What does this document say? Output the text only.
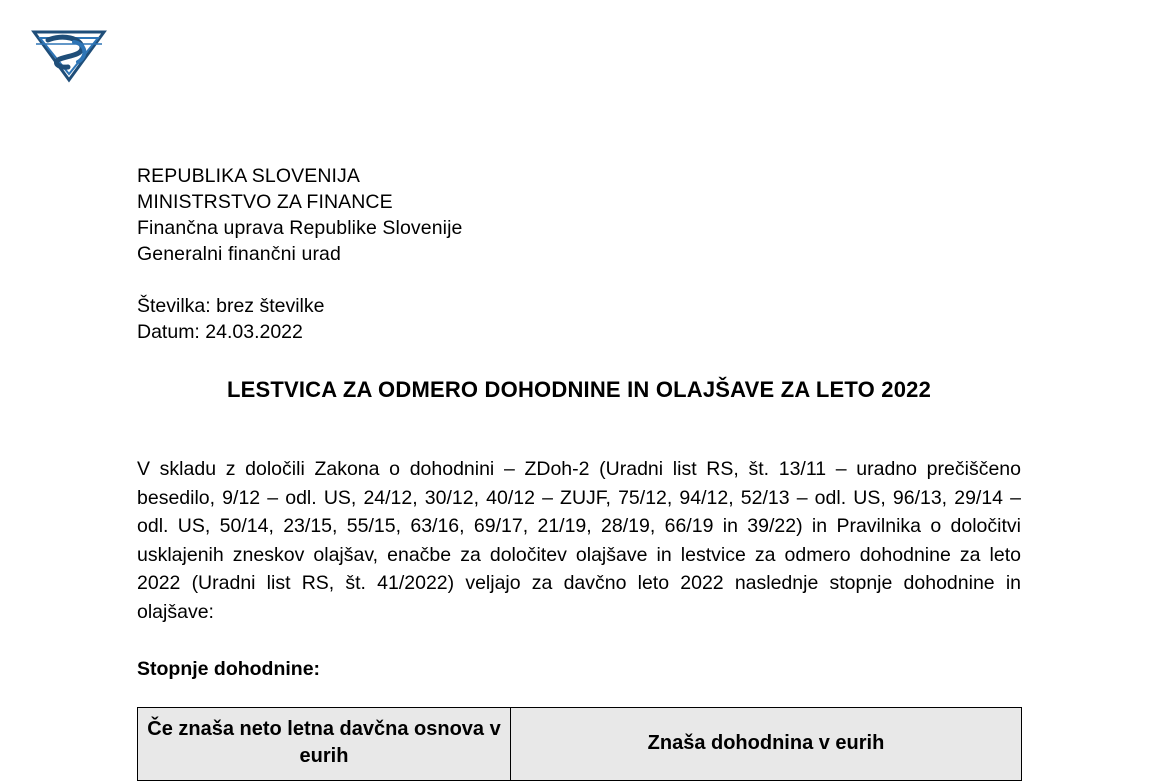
REPUBLIKA SLOVENIJA
MINISTRSTVO ZA FINANCE
Finančna uprava Republike Slovenije
Generalni finančni urad
Številka: brez številke
Datum: 24.03.2022
LESTVICA ZA ODMERO DOHODNINE IN OLAJŠAVE ZA LETO 2022
V skladu z določili Zakona o dohodnini – ZDoh-2 (Uradni list RS, št. 13/11 – uradno prečiščeno besedilo, 9/12 – odl. US, 24/12, 30/12, 40/12 – ZUJF, 75/12, 94/12, 52/13 – odl. US, 96/13, 29/14 – odl. US, 50/14, 23/15, 55/15, 63/16, 69/17, 21/19, 28/19, 66/19 in 39/22) in Pravilnika o določitvi usklajenih zneskov olajšav, enačbe za določitev olajšave in lestvice za odmero dohodnine za leto 2022 (Uradni list RS, št. 41/2022) veljajo za davčno leto 2022 naslednje stopnje dohodnine in olajšave:
Stopnje dohodnine:
Če znaša neto letna davčna osnova v eurih	Znaša dohodnina v eurih
